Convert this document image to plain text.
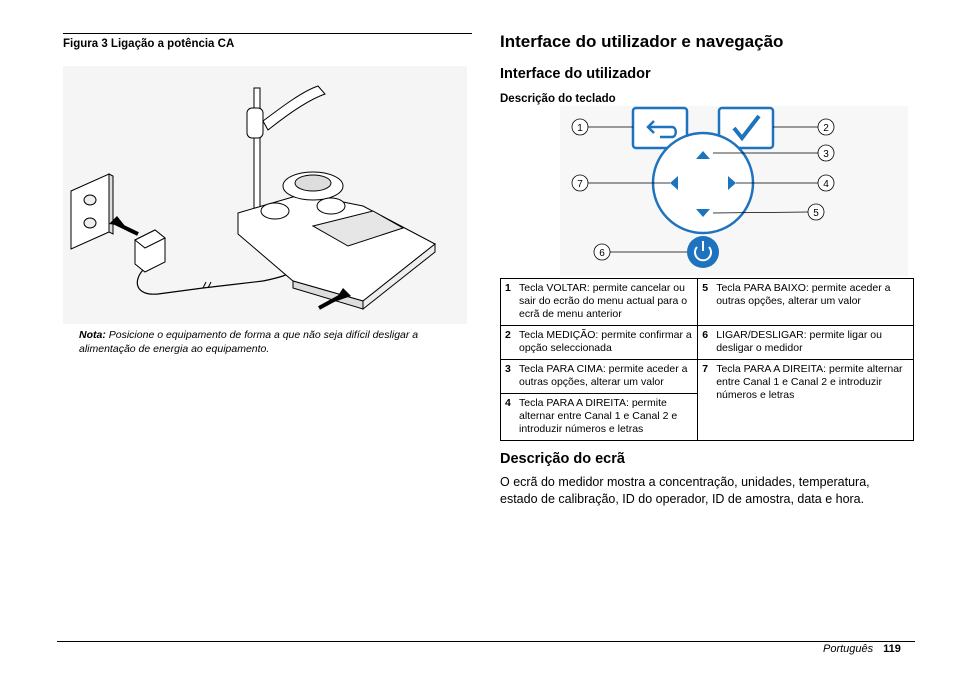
Figura 3 Ligação a potência CA
Nota: Posicione o equipamento de forma a que não seja difícil desligar a alimentação de energia ao equipamento.
Interface do utilizador e navegação
Interface do utilizador
Descrição do teclado
1	2
3
4
5
6
7
1	Tecla VOLTAR: permite cancelar ou sair do ecrão do menu actual para o ecrã de menu anterior	5	Tecla PARA BAIXO: permite aceder a outras opções, alterar um valor
2	Tecla MEDIÇÃO: permite confirmar a opção seleccionada	6	LIGAR/DESLIGAR: permite ligar ou desligar o medidor
3	Tecla PARA CIMA: permite aceder a outras opções, alterar um valor	7	Tecla PARA A DIREITA: permite alternar entre Canal 1 e Canal 2 e introduzir números e letras
4	Tecla PARA A DIREITA: permite alternar entre Canal 1 e Canal 2 e introduzir números e letras		
Descrição do ecrã
O ecrã do medidor mostra a concentração, unidades, temperatura, estado de calibração, ID do operador, ID de amostra, data e hora.
Português 119
